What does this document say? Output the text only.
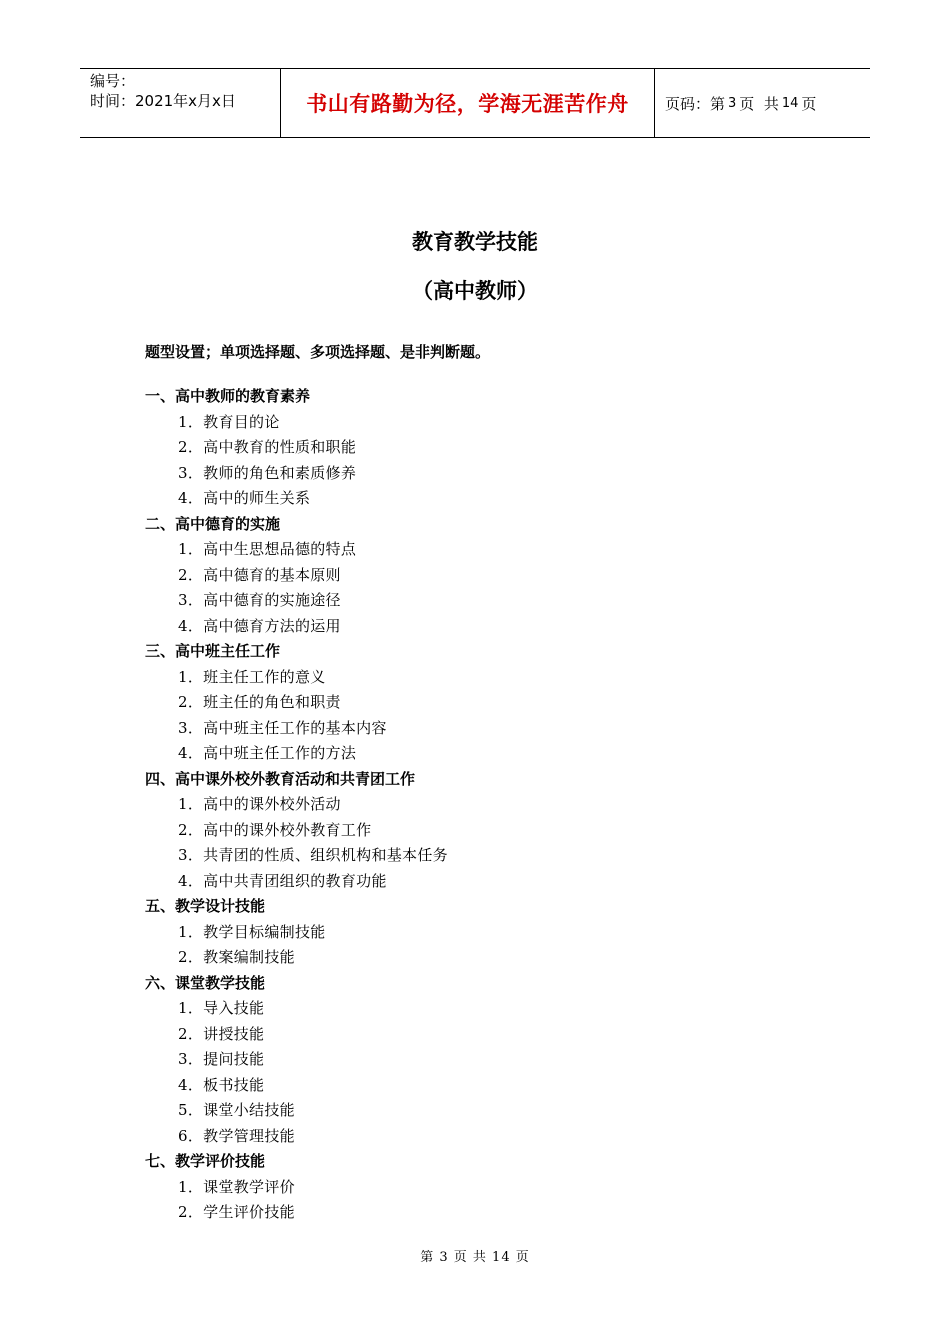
编号：
时间：2021年x月x日	书山有路勤为径，学海无涯苦作舟	页码：第 3 页  共 14 页
教育教学技能
（高中教师）
题型设置；单项选择题、多项选择题、是非判断题。
一、高中教师的教育素养
1．教育目的论
2．高中教育的性质和职能
3．教师的角色和素质修养
4．高中的师生关系
二、高中德育的实施
1．高中生思想品德的特点
2．高中德育的基本原则
3．高中德育的实施途径
4．高中德育方法的运用
三、高中班主任工作
1．班主任工作的意义
2．班主任的角色和职责
3．高中班主任工作的基本内容
4．高中班主任工作的方法
四、高中课外校外教育活动和共青团工作
1．高中的课外校外活动
2．高中的课外校外教育工作
3．共青团的性质、组织机构和基本任务
4．高中共青团组织的教育功能
五、教学设计技能
1．教学目标编制技能
2．教案编制技能
六、课堂教学技能
1．导入技能
2．讲授技能
3．提问技能
4．板书技能
5．课堂小结技能
6．教学管理技能
七、教学评价技能
1．课堂教学评价
2．学生评价技能
第 3 页 共 14 页
